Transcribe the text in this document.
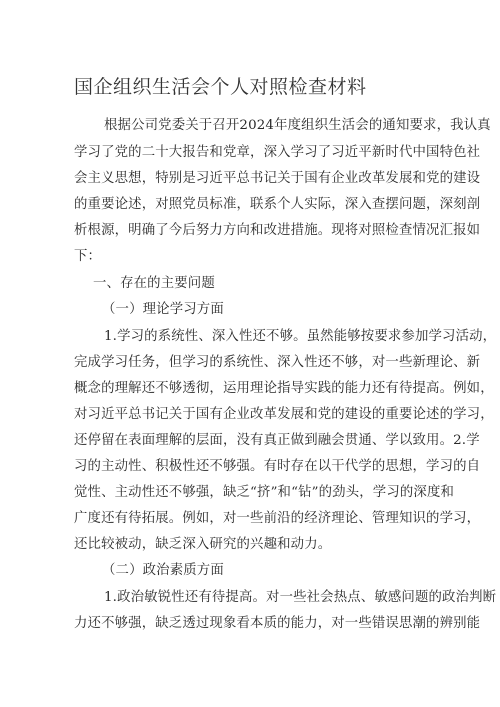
国企组织生活会个人对照检查材料
根据公司党委关于召开2024年度组织生活会的通知要求，我认真
学习了党的二十大报告和党章，深入学习了习近平新时代中国特色社
会主义思想，特别是习近平总书记关于国有企业改革发展和党的建设
的重要论述，对照党员标准，联系个人实际，深入查摆问题，深刻剖
析根源，明确了今后努力方向和改进措施。现将对照检查情况汇报如
下：
一、存在的主要问题
（一）理论学习方面
1.学习的系统性、深入性还不够。虽然能够按要求参加学习活动，
完成学习任务，但学习的系统性、深入性还不够，对一些新理论、新
概念的理解还不够透彻，运用理论指导实践的能力还有待提高。例如，
对习近平总书记关于国有企业改革发展和党的建设的重要论述的学习，
还停留在表面理解的层面，没有真正做到融会贯通、学以致用。2.学
习的主动性、积极性还不够强。有时存在以干代学的思想，学习的自
觉性、主动性还不够强，缺乏“挤”和“钻”的劲头，学习的深度和
广度还有待拓展。例如，对一些前沿的经济理论、管理知识的学习，
还比较被动，缺乏深入研究的兴趣和动力。
（二）政治素质方面
1.政治敏锐性还有待提高。对一些社会热点、敏感问题的政治判断
力还不够强，缺乏透过现象看本质的能力，对一些错误思潮的辨别能
